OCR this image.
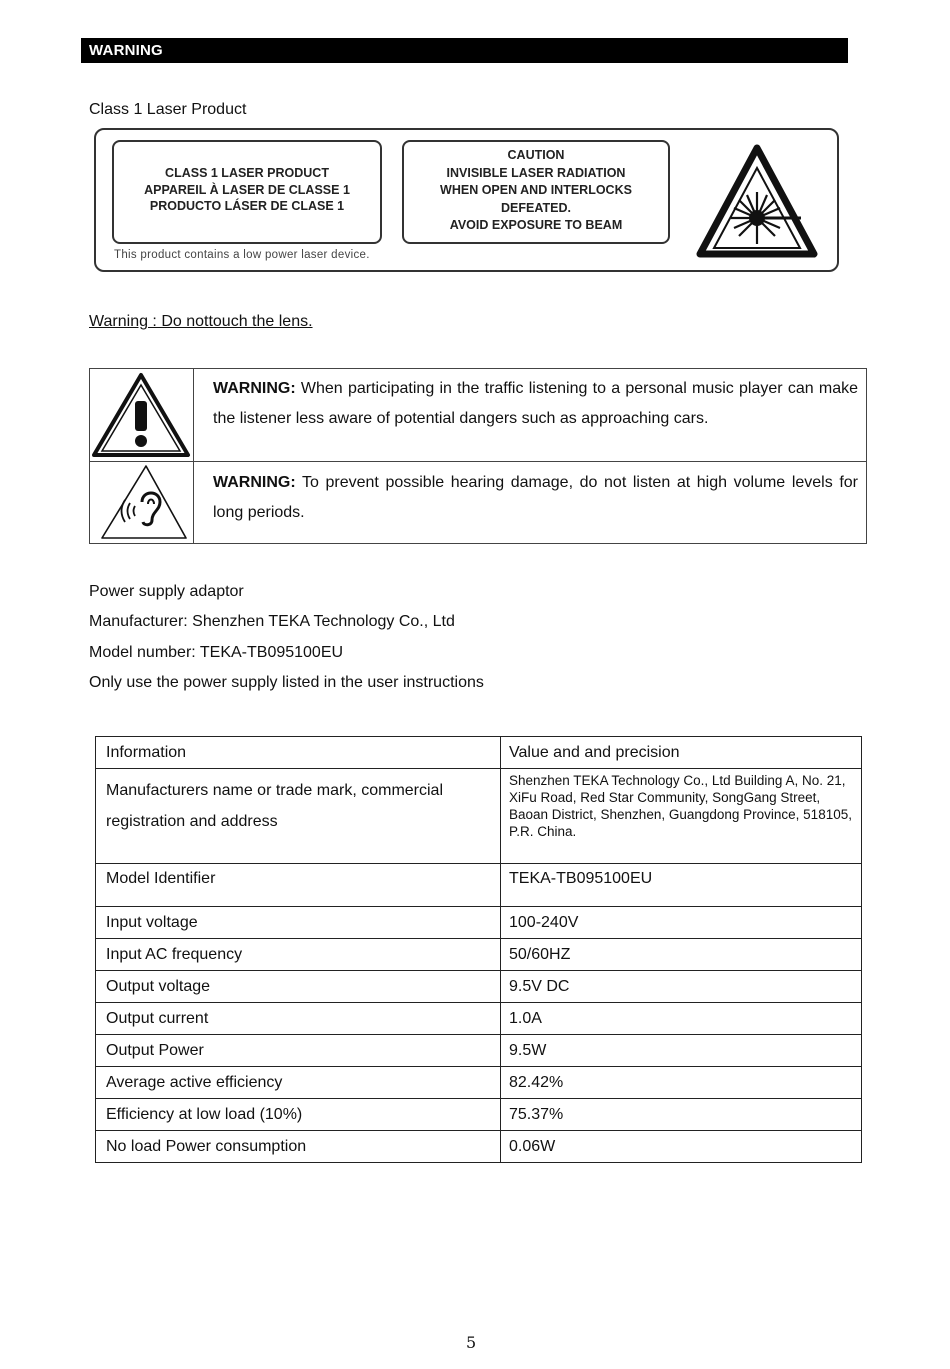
WARNING
Class 1 Laser Product
CLASS 1 LASER PRODUCT
APPAREIL À LASER DE CLASSE 1
PRODUCTO LÁSER DE CLASE 1
CAUTION
INVISIBLE LASER RADIATION
WHEN OPEN AND INTERLOCKS
DEFEATED.
AVOID EXPOSURE TO BEAM
This product contains a low power laser device.
Warning : Do nottouch the lens.
WARNING: When participating in the traffic listening to a personal music player can make the listener less aware of potential dangers such as approaching cars.
WARNING: To prevent possible hearing damage, do not listen at high volume levels for long periods.
Power supply adaptor
Manufacturer: Shenzhen TEKA Technology Co., Ltd
Model number: TEKA-TB095100EU
Only use the power supply listed in the user instructions
Information	Value and and precision
Manufacturers name or trade mark, commercial registration and address	Shenzhen TEKA Technology Co., Ltd Building A, No. 21, XiFu Road, Red Star Community, SongGang Street, Baoan District, Shenzhen, Guangdong Province, 518105, P.R. China.
Model Identifier	TEKA-TB095100EU
Input voltage	100-240V
Input AC frequency	50/60HZ
Output voltage	9.5V DC
Output current	1.0A
Output Power	9.5W
Average active efficiency	82.42%
Efficiency at low load (10%)	75.37%
No load Power consumption	0.06W
5
